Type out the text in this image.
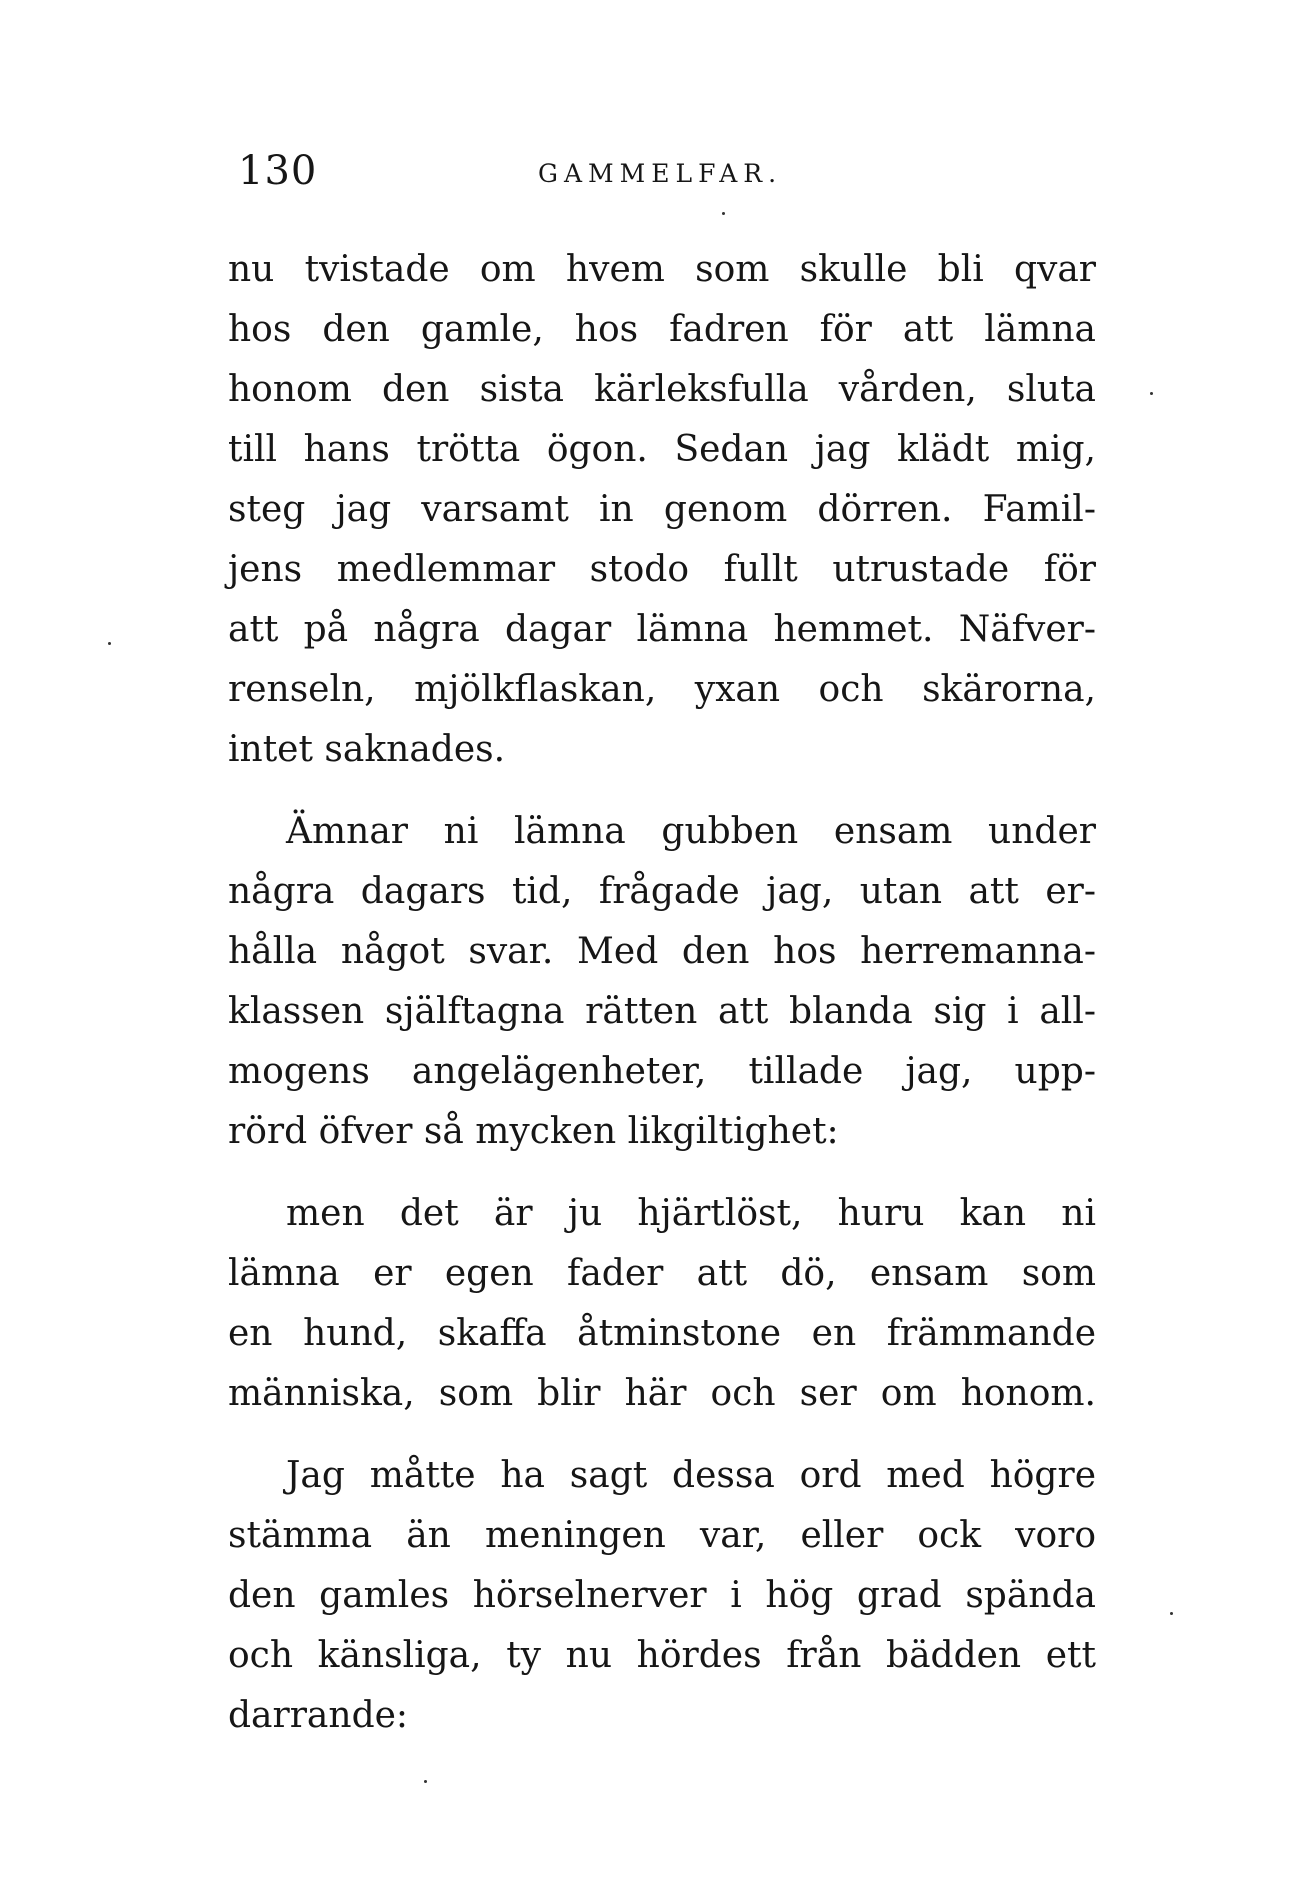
130	GAMMELFAR.
nu tvistade om hvem som skulle bli qvar
hos den gamle, hos fadren för att lämna
honom den sista kärleksfulla vården, sluta
till hans trötta ögon. Sedan jag klädt mig,
steg jag varsamt in genom dörren. Famil-
jens medlemmar stodo fullt utrustade för
att på några dagar lämna hemmet. Näfver-
renseln, mjölkflaskan, yxan och skärorna,
intet saknades.
Ämnar ni lämna gubben ensam under
några dagars tid, frågade jag, utan att er-
hålla något svar. Med den hos herremanna-
klassen själftagna rätten att blanda sig i all-
mogens angelägenheter, tillade jag, upp-
rörd öfver så mycken likgiltighet:
men det är ju hjärtlöst, huru kan ni
lämna er egen fader att dö, ensam som
en hund, skaffa åtminstone en främmande
människa, som blir här och ser om honom.
Jag måtte ha sagt dessa ord med högre
stämma än meningen var, eller ock voro
den gamles hörselnerver i hög grad spända
och känsliga, ty nu hördes från bädden ett
darrande:
